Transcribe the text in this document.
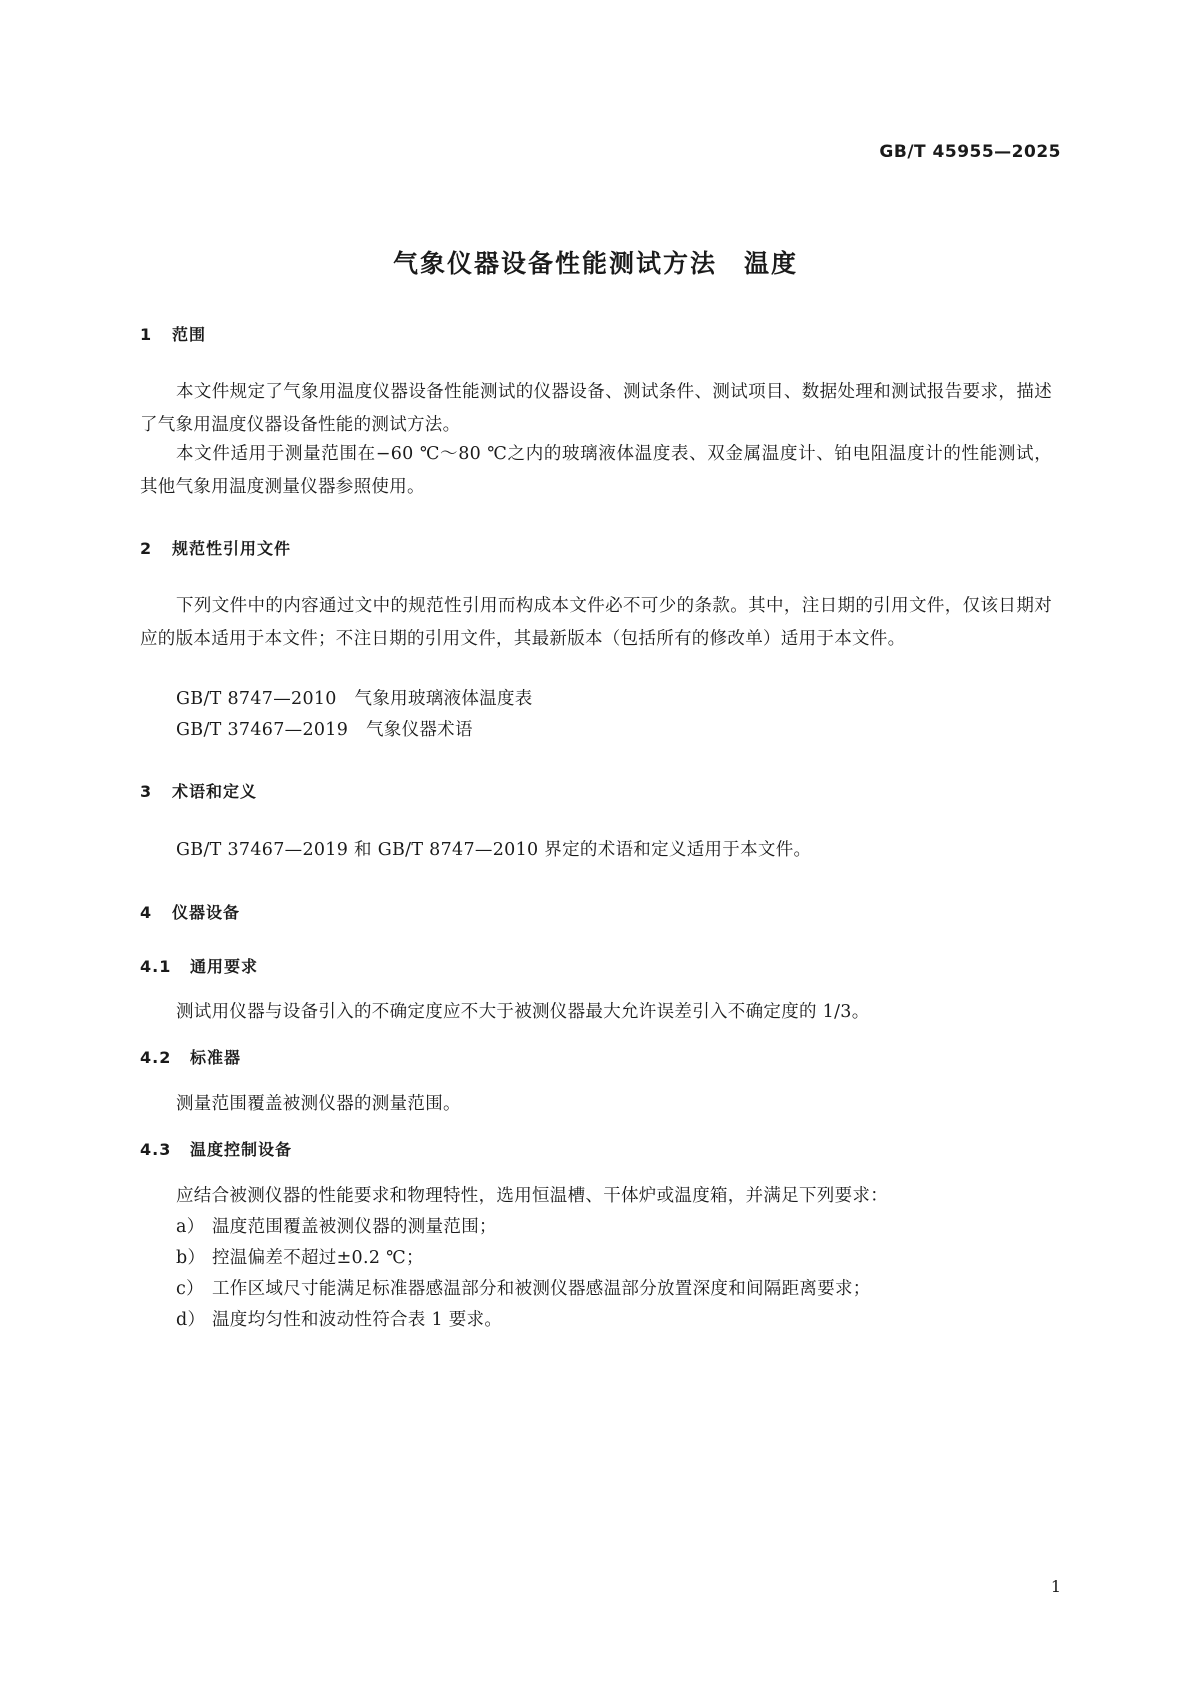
GB/T 45955—2025
气象仪器设备性能测试方法　温度
1	范围
本文件规定了气象用温度仪器设备性能测试的仪器设备、测试条件、测试项目、数据处理和测试报告要求，描述了气象用温度仪器设备性能的测试方法。
本文件适用于测量范围在−60 ℃～80 ℃之内的玻璃液体温度表、双金属温度计、铂电阻温度计的性能测试，其他气象用温度测量仪器参照使用。
2	规范性引用文件
下列文件中的内容通过文中的规范性引用而构成本文件必不可少的条款。其中，注日期的引用文件，仅该日期对应的版本适用于本文件；不注日期的引用文件，其最新版本（包括所有的修改单）适用于本文件。
GB/T 8747—2010　气象用玻璃液体温度表
GB/T 37467—2019　气象仪器术语
3	术语和定义
GB/T 37467—2019 和 GB/T 8747—2010 界定的术语和定义适用于本文件。
4	仪器设备
4.1	通用要求
测试用仪器与设备引入的不确定度应不大于被测仪器最大允许误差引入不确定度的 1/3。
4.2	标准器
测量范围覆盖被测仪器的测量范围。
4.3	温度控制设备
应结合被测仪器的性能要求和物理特性，选用恒温槽、干体炉或温度箱，并满足下列要求：
a） 温度范围覆盖被测仪器的测量范围；
b） 控温偏差不超过±0.2 ℃；
c） 工作区域尺寸能满足标准器感温部分和被测仪器感温部分放置深度和间隔距离要求；
d） 温度均匀性和波动性符合表 1 要求。
1
